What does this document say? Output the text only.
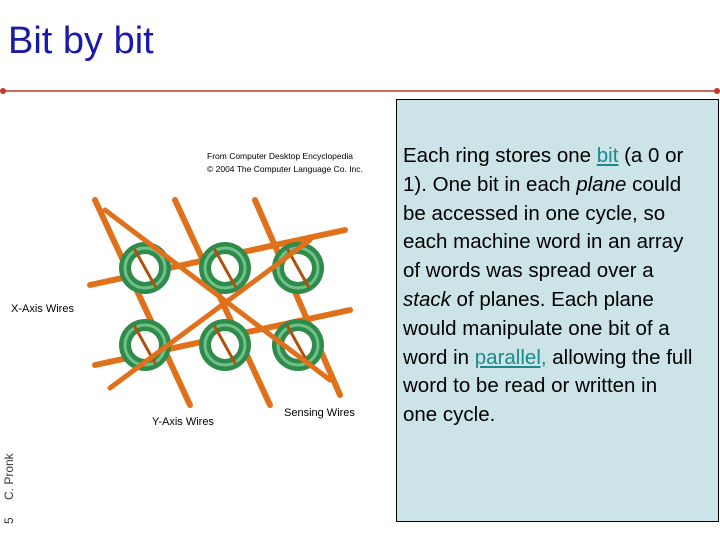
Bit by bit
From Computer Desktop Encyclopedia
© 2004 The Computer Language Co. Inc.
X-Axis Wires
Y-Axis Wires
Sensing Wires
5
C. Pronk
Each ring stores one bit (a 0 or 1). One bit in each plane could be accessed in one cycle, so each machine word in an array of words was spread over a stack of planes. Each plane would manipulate one bit of a word in parallel, allowing the full word to be read or written in one cycle.
